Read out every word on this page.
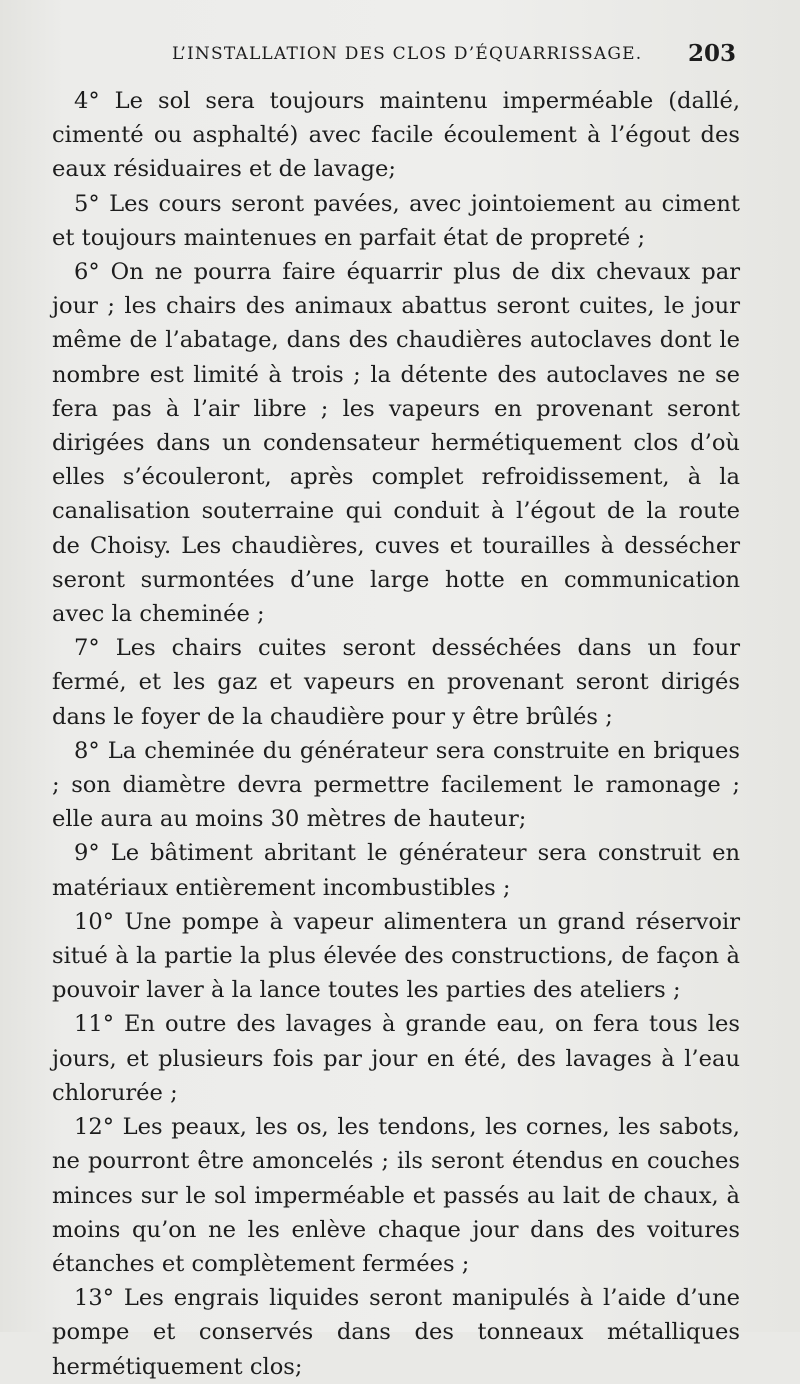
L’INSTALLATION DES CLOS D’ÉQUARRISSAGE. 203

4° Le sol sera toujours maintenu imperméable (dallé, cimenté ou asphalté) avec facile écoulement à l’égout des eaux résiduaires et de lavage;

5° Les cours seront pavées, avec jointoiement au ciment et toujours maintenues en parfait état de propreté ;

6° On ne pourra faire équarrir plus de dix chevaux par jour ; les chairs des animaux abattus seront cuites, le jour même de l’abatage, dans des chaudières autoclaves dont le nombre est limité à trois ; la détente des autoclaves ne se fera pas à l’air libre ; les vapeurs en provenant seront dirigées dans un condensateur hermétiquement clos d’où elles s’écouleront, après complet refroidissement, à la canalisation souterraine qui conduit à l’égout de la route de Choisy. Les chaudières, cuves et tourailles à dessécher seront surmontées d’une large hotte en communication avec la cheminée ;

7° Les chairs cuites seront desséchées dans un four fermé, et les gaz et vapeurs en provenant seront dirigés dans le foyer de la chaudière pour y être brûlés ;

8° La cheminée du générateur sera construite en briques ; son diamètre devra permettre facilement le ramonage ; elle aura au moins 30 mètres de hauteur;

9° Le bâtiment abritant le générateur sera construit en matériaux entièrement incombustibles ;

10° Une pompe à vapeur alimentera un grand réservoir situé à la partie la plus élevée des constructions, de façon à pouvoir laver à la lance toutes les parties des ateliers ;

11° En outre des lavages à grande eau, on fera tous les jours, et plusieurs fois par jour en été, des lavages à l’eau chlorurée ;

12° Les peaux, les os, les tendons, les cornes, les sabots, ne pourront être amoncelés ; ils seront étendus en couches minces sur le sol imperméable et passés au lait de chaux, à moins qu’on ne les enlève chaque jour dans des voitures étanches et complètement fermées ;

13° Les engrais liquides seront manipulés à l’aide d’une pompe et conservés dans des tonneaux métalliques hermétiquement clos;
